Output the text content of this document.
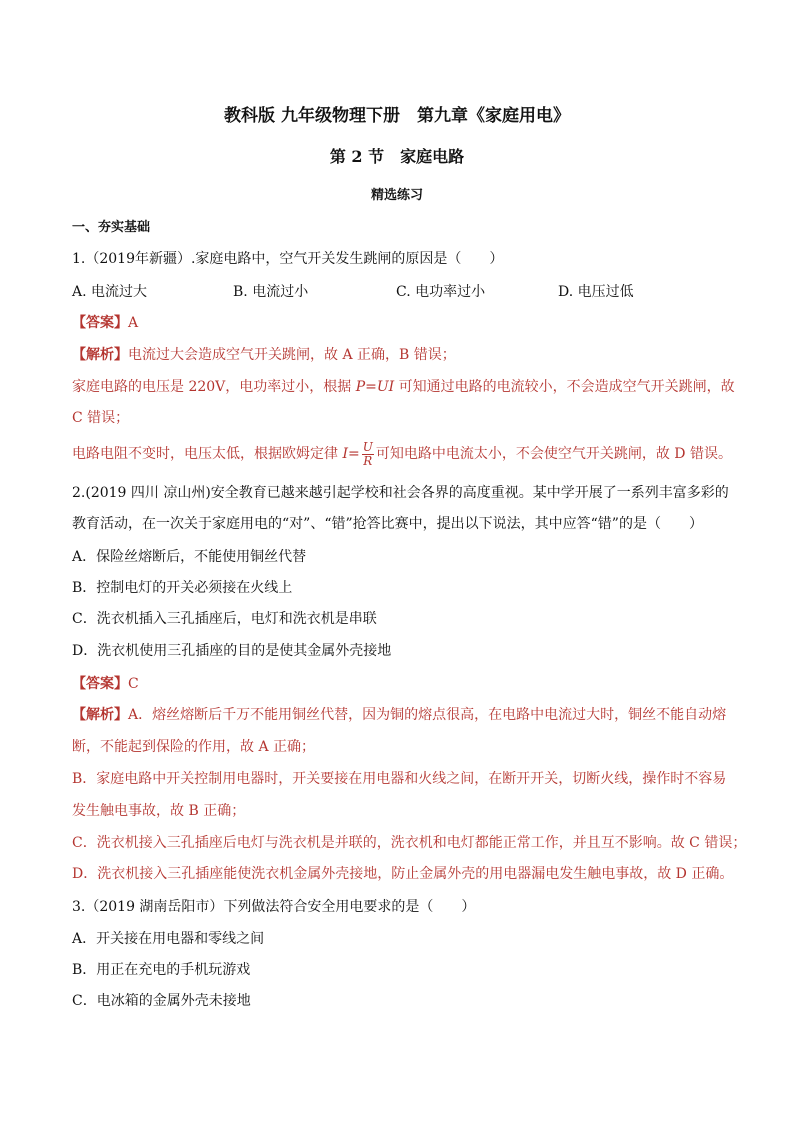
教科版 九年级物理下册　第九章《家庭用电》
第 2 节　家庭电路
精选练习
一、夯实基础
1.（2019年新疆）.家庭电路中，空气开关发生跳闸的原因是（　　）
A. 电流过大	B. 电流过小	C. 电功率过小	D. 电压过低
【答案】A
【解析】电流过大会造成空气开关跳闸，故 A 正确，B 错误；
家庭电路的电压是 220V，电功率过小，根据 P=UI 可知通过电路的电流较小，不会造成空气开关跳闸，故
C 错误；
电路电阻不变时，电压太低，根据欧姆定律 $I= \frac{U}{R}$ 可知电路中电流太小，不会使空气开关跳闸，故 D 错误。
2.(2019 四川 凉山州)安全教育已越来越引起学校和社会各界的高度重视。某中学开展了一系列丰富多彩的
教育活动，在一次关于家庭用电的“对”、“错”抢答比赛中，提出以下说法，其中应答“错”的是（　　）
A．保险丝熔断后，不能使用铜丝代替
B．控制电灯的开关必须接在火线上
C．洗衣机插入三孔插座后，电灯和洗衣机是串联
D．洗衣机使用三孔插座的目的是使其金属外壳接地
【答案】C
【解析】A．熔丝熔断后千万不能用铜丝代替，因为铜的熔点很高，在电路中电流过大时，铜丝不能自动熔
断，不能起到保险的作用，故 A 正确；
B．家庭电路中开关控制用电器时，开关要接在用电器和火线之间，在断开开关，切断火线，操作时不容易
发生触电事故，故 B 正确；
C．洗衣机接入三孔插座后电灯与洗衣机是并联的，洗衣机和电灯都能正常工作，并且互不影响。故 C 错误；
D．洗衣机接入三孔插座能使洗衣机金属外壳接地，防止金属外壳的用电器漏电发生触电事故，故 D 正确。
3.（2019 湖南岳阳市）下列做法符合安全用电要求的是（　　）
A．开关接在用电器和零线之间
B．用正在充电的手机玩游戏
C．电冰箱的金属外壳未接地
